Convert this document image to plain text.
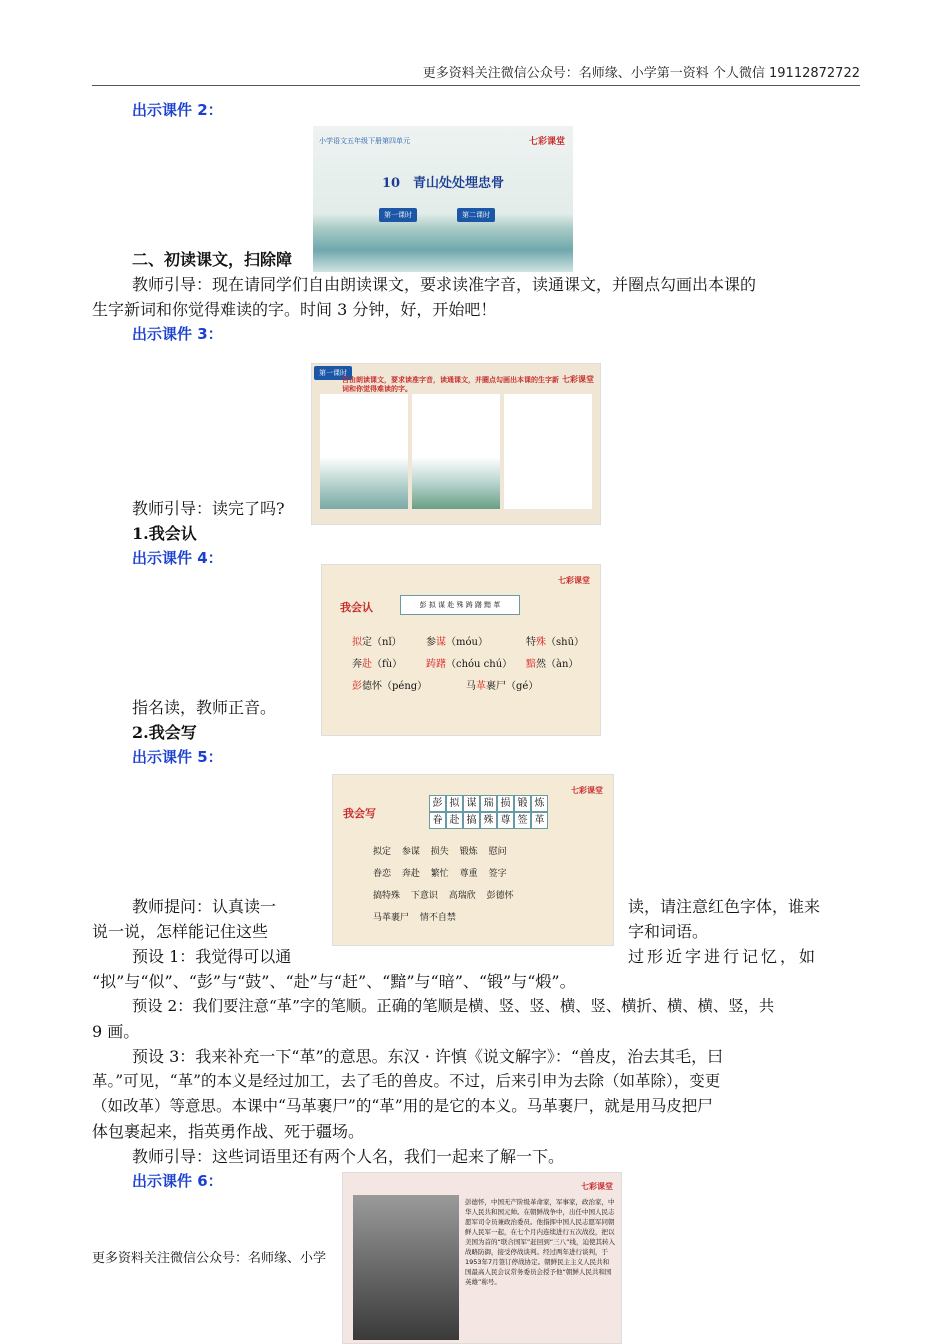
更多资料关注微信公众号：名师缘、小学第一资料 个人微信 19112872722
出示课件 2：
小学语文五年级下册第四单元	七彩课堂
10　青山处处埋忠骨
第一课时	第二课时
二、初读课文，扫除障
教师引导：现在请同学们自由朗读课文，要求读准字音，读通课文，并圈点勾画出本课的
生字新词和你觉得难读的字。时间 3 分钟，好，开始吧！
出示课件 3：
第一课时
自由朗读课文，要求读准字音，读通课文，并圈点勾画出本课的生字新词和你觉得难读的字。
七彩课堂
教师引导：读完了吗?
1.我会认
出示课件 4：
七彩课堂
我会认	彭 拟 谋 赴 殊 踌 躇 黯 革
拟定（nǐ） 参谋（móu）	特殊（shū）
奔赴（fù） 踌躇（chóu chú） 黯然（àn）
彭德怀（péng）	马革裹尸（gé）
指名读，教师正音。
2.我会写
出示课件 5：
七彩课堂
我会写
彭 拟 谋 瑞 损 锻 炼
眷 赴 搞 殊 尊 签 革
拟定 参谋 损失 锻炼 慰问
眷恋 奔赴 繁忙 尊重 签字
搞特殊 下意识 高瑞欣 彭德怀
马革裹尸 情不自禁
教师提问：认真读一	读，请注意红色字体，谁来
说一说，怎样能记住这些	字和词语。
预设 1：我觉得可以通	过形近字进行记忆，如
“拟”与“似”、“彭”与“鼓”、“赴”与“赶”、“黯”与“暗”、“锻”与“煅”。
预设 2：我们要注意“革”字的笔顺。正确的笔顺是横、竖、竖、横、竖、横折、横、横、竖，共
9 画。
预设 3：我来补充一下“革”的意思。东汉 · 许慎《说文解字》：“兽皮，治去其毛，曰
革。”可见，“革”的本义是经过加工，去了毛的兽皮。不过，后来引申为去除（如革除），变更
（如改革）等意思。本课中“马革裹尸”的“革”用的是它的本义。马革裹尸，就是用马皮把尸
体包裹起来，指英勇作战、死于疆场。
教师引导：这些词语里还有两个人名，我们一起来了解一下。
出示课件 6：	七彩课堂
彭德怀，中国无产阶级革命家，军事家，政治家，中华人民共和国元帅。在朝鲜战争中，出任中国人民志愿军司令员兼政治委员。他指挥中国人民志愿军同朝鲜人民军一起，在七个月内连续进行五次战役，把以美国为首的“联合国军”赶回到“三八”线，迫使其转入战略防御，接受停战谈判。经过两年进行谈判，于1953年7月签订停战协定。朝鲜民主主义人民共和国最高人民会议常务委员会授予他“朝鲜人民共和国英雄”称号。
更多资料关注微信公众号：名师缘、小学
